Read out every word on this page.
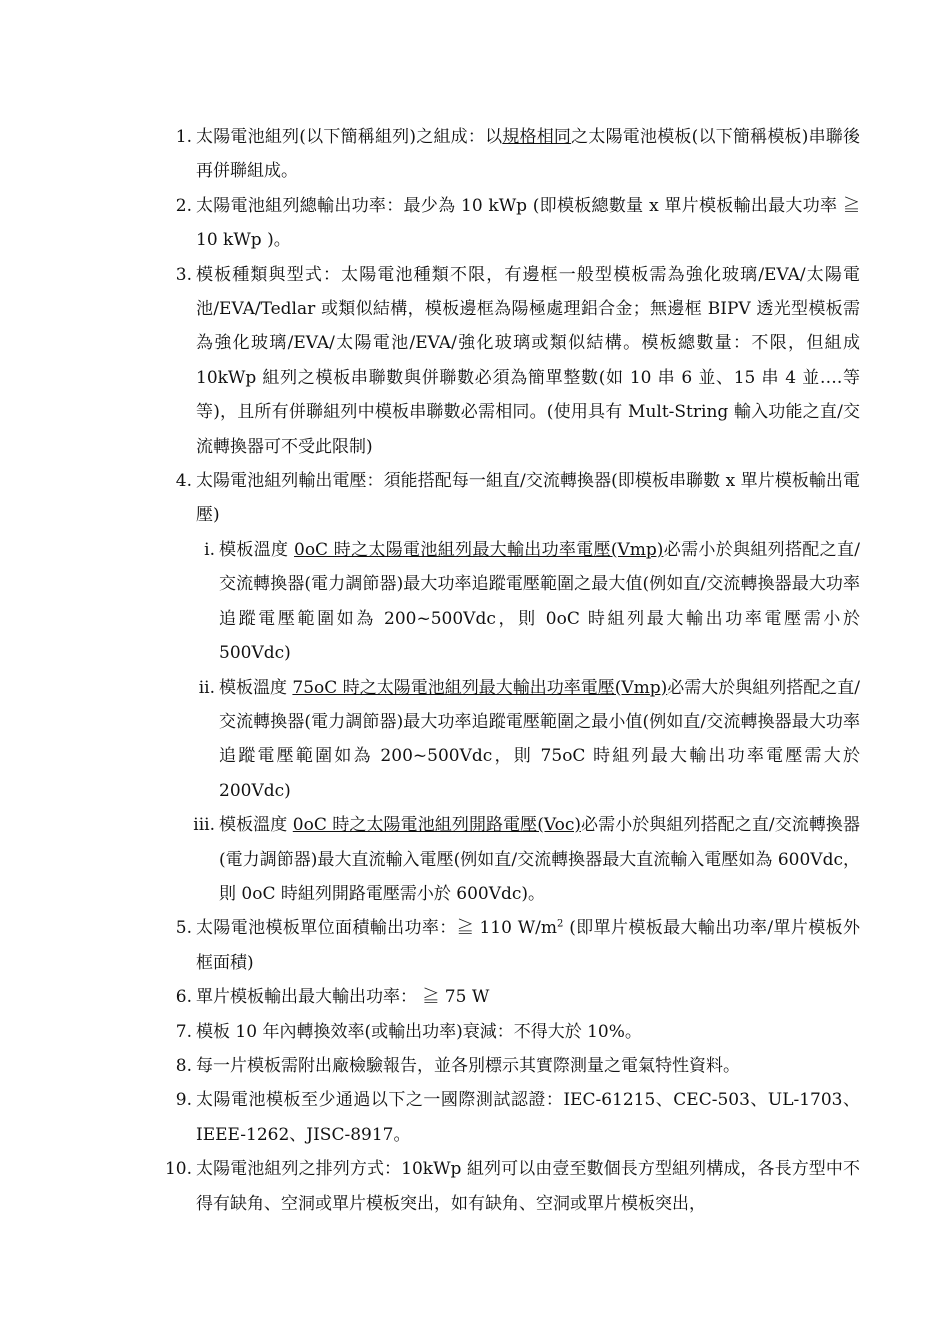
1. 太陽電池組列(以下簡稱組列)之組成：以規格相同之太陽電池模板(以下簡稱模板)串聯後再併聯組成。
2. 太陽電池組列總輸出功率：最少為 10 kWp (即模板總數量 x 單片模板輸出最大功率 ≧ 10 kWp )。
3. 模板種類與型式：太陽電池種類不限，有邊框一般型模板需為強化玻璃/EVA/太陽電池/EVA/Tedlar 或類似結構，模板邊框為陽極處理鋁合金；無邊框 BIPV 透光型模板需為強化玻璃/EVA/太陽電池/EVA/強化玻璃或類似結構。模板總數量：不限，但組成 10kWp 組列之模板串聯數與併聯數必須為簡單整數(如 10 串 6 並、15 串 4 並….等等)，且所有併聯組列中模板串聯數必需相同。(使用具有 Mult-String 輸入功能之直/交流轉換器可不受此限制)
4. 太陽電池組列輸出電壓：須能搭配每一組直/交流轉換器(即模板串聯數 x 單片模板輸出電壓)
i. 模板溫度 0oC 時之太陽電池組列最大輸出功率電壓(Vmp)必需小於與組列搭配之直/交流轉換器(電力調節器)最大功率追蹤電壓範圍之最大值(例如直/交流轉換器最大功率追蹤電壓範圍如為 200~500Vdc，則 0oC 時組列最大輸出功率電壓需小於 500Vdc)
ii. 模板溫度 75oC 時之太陽電池組列最大輸出功率電壓(Vmp)必需大於與組列搭配之直/交流轉換器(電力調節器)最大功率追蹤電壓範圍之最小值(例如直/交流轉換器最大功率追蹤電壓範圍如為 200~500Vdc，則 75oC 時組列最大輸出功率電壓需大於 200Vdc)
iii. 模板溫度 0oC 時之太陽電池組列開路電壓(Voc)必需小於與組列搭配之直/交流轉換器(電力調節器)最大直流輸入電壓(例如直/交流轉換器最大直流輸入電壓如為 600Vdc，則 0oC 時組列開路電壓需小於 600Vdc)。
5. 太陽電池模板單位面積輸出功率：≧ 110 $W/m^2$ (即單片模板最大輸出功率/單片模板外框面積)
6. 單片模板輸出最大輸出功率： ≧ 75 W
7. 模板 10 年內轉換效率(或輸出功率)衰減：不得大於 10%。
8. 每一片模板需附出廠檢驗報告，並各別標示其實際測量之電氣特性資料。
9. 太陽電池模板至少通過以下之一國際測試認證：IEC-61215、CEC-503、UL-1703、IEEE-1262、JISC-8917。
10. 太陽電池組列之排列方式：10kWp 組列可以由壹至數個長方型組列構成，各長方型中不得有缺角、空洞或單片模板突出，如有缺角、空洞或單片模板突出，
